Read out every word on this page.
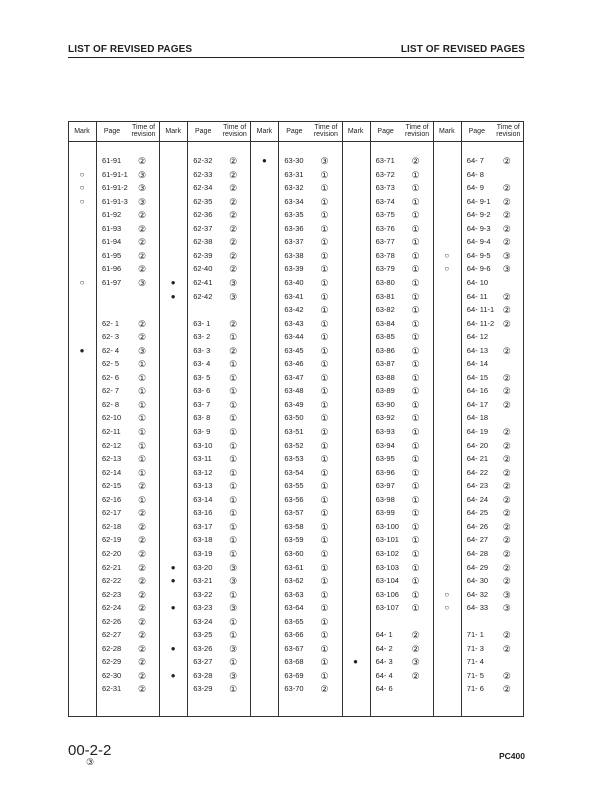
LIST OF REVISED PAGES	LIST OF REVISED PAGES
Mark	Page	Time of revision
61-91	②
○	61-91-1	③
○	61-91-2	③
○	61-91-3	③
61-92	②
61-93	②
61-94	②
61-95	②
61-96	②
○	61-97	③
62- 1	②
62- 3	②
●	62- 4	③
62- 5	①
62- 6	①
62- 7	①
62- 8	①
62-10	①
62-11	①
62-12	①
62-13	①
62-14	①
62-15	②
62-16	①
62-17	②
62-18	②
62-19	②
62-20	②
62-21	②
62-22	②
62-23	②
62-24	②
62-26	②
62-27	②
62-28	②
62-29	②
62-30	②
62-31	②
Mark	Page	Time of revision
62-32	②
62-33	②
62-34	②
62-35	②
62-36	②
62-37	②
62-38	②
62-39	②
62-40	②
●	62-41	③
●	62-42	③
63- 1	②
63- 2	①
63- 3	②
63- 4	①
63- 5	①
63- 6	①
63- 7	①
63- 8	①
63- 9	①
63-10	①
63-11	①
63-12	①
63-13	①
63-14	①
63-16	①
63-17	①
63-18	①
63-19	①
●	63-20	③
●	63-21	③
63-22	①
●	63-23	③
63-24	①
63-25	①
●	63-26	③
63-27	①
●	63-28	③
63-29	①
Mark	Page	Time of revision
●	63-30	③
63-31	①
63-32	①
63-34	①
63-35	①
63-36	①
63-37	①
63-38	①
63-39	①
63-40	①
63-41	①
63-42	①
63-43	①
63-44	①
63-45	①
63-46	①
63-47	①
63-48	①
63-49	①
63-50	①
63-51	①
63-52	①
63-53	①
63-54	①
63-55	①
63-56	①
63-57	①
63-58	①
63-59	①
63-60	①
63-61	①
63-62	①
63-63	①
63-64	①
63-65	①
63-66	①
63-67	①
63-68	①
63-69	①
63-70	②
Mark	Page	Time of revision
63-71	②
63-72	①
63-73	①
63-74	①
63-75	①
63-76	①
63-77	①
63-78	①
63-79	①
63-80	①
63-81	①
63-82	①
63-84	①
63-85	①
63-86	①
63-87	①
63-88	①
63-89	①
63-90	①
63-92	①
63-93	①
63-94	①
63-95	①
63-96	①
63-97	①
63-98	①
63-99	①
63-100	①
63-101	①
63-102	①
63-103	①
63-104	①
63-106	①
63-107	①
64- 1	②
64- 2	②
●	64- 3	③
64- 4	②
64- 6
Mark	Page	Time of revision
64- 7	②
64- 8
64- 9	②
64- 9-1	②
64- 9-2	②
64- 9-3	②
64- 9-4	②
○	64- 9-5	③
○	64- 9-6	③
64- 10
64- 11	②
64- 11-1 ②
64- 11-2 ②
64- 12
64- 13	②
64- 14
64- 15	②
64- 16	②
64- 17	②
64- 18
64- 19	②
64- 20	②
64- 21	②
64- 22	②
64- 23	②
64- 24	②
64- 25	②
64- 26	②
64- 27	②
64- 28	②
64- 29	②
64- 30	②
○	64- 32	③
○	64- 33	③
71- 1	②
71- 3	②
71- 4
71- 5	②
71- 6	②
00-2-2
③
PC400
